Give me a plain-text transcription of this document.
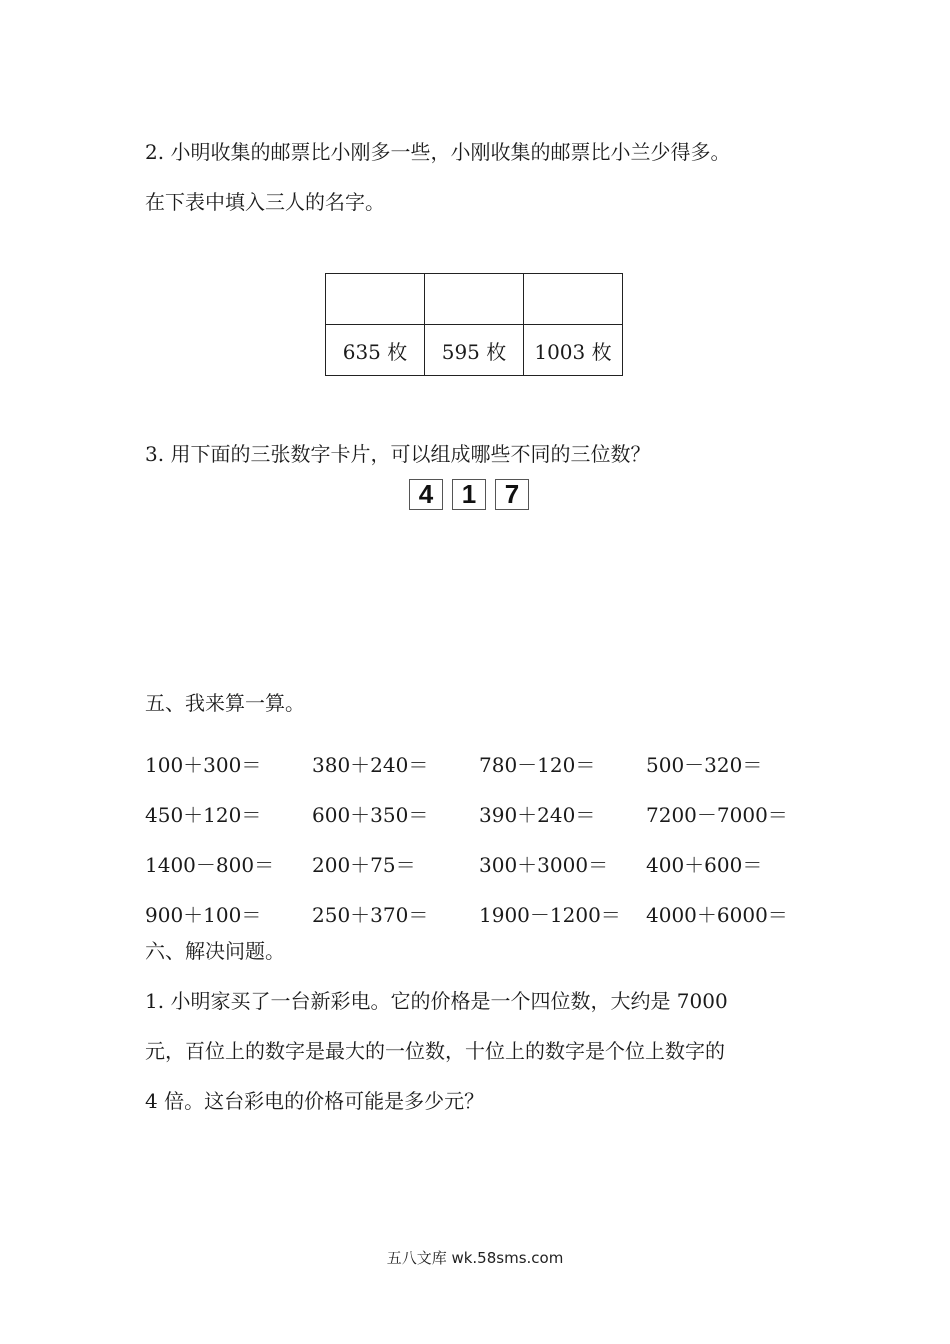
2. 小明收集的邮票比小刚多一些，小刚收集的邮票比小兰少得多。
在下表中填入三人的名字。

635 枚	595 枚	1003 枚
3. 用下面的三张数字卡片，可以组成哪些不同的三位数？
4	1	7
五、我来算一算。
100＋300＝	380＋240＝	780－120＝	500－320＝
450＋120＝	600＋350＝	390＋240＝	7200－7000＝
1400－800＝	200＋75＝	300＋3000＝	400＋600＝
900＋100＝	250＋370＝	1900－1200＝	4000＋6000＝
六、解决问题。
1. 小明家买了一台新彩电。它的价格是一个四位数，大约是 7000
元，百位上的数字是最大的一位数，十位上的数字是个位上数字的
4 倍。这台彩电的价格可能是多少元？
五八文库 wk.58sms.com
